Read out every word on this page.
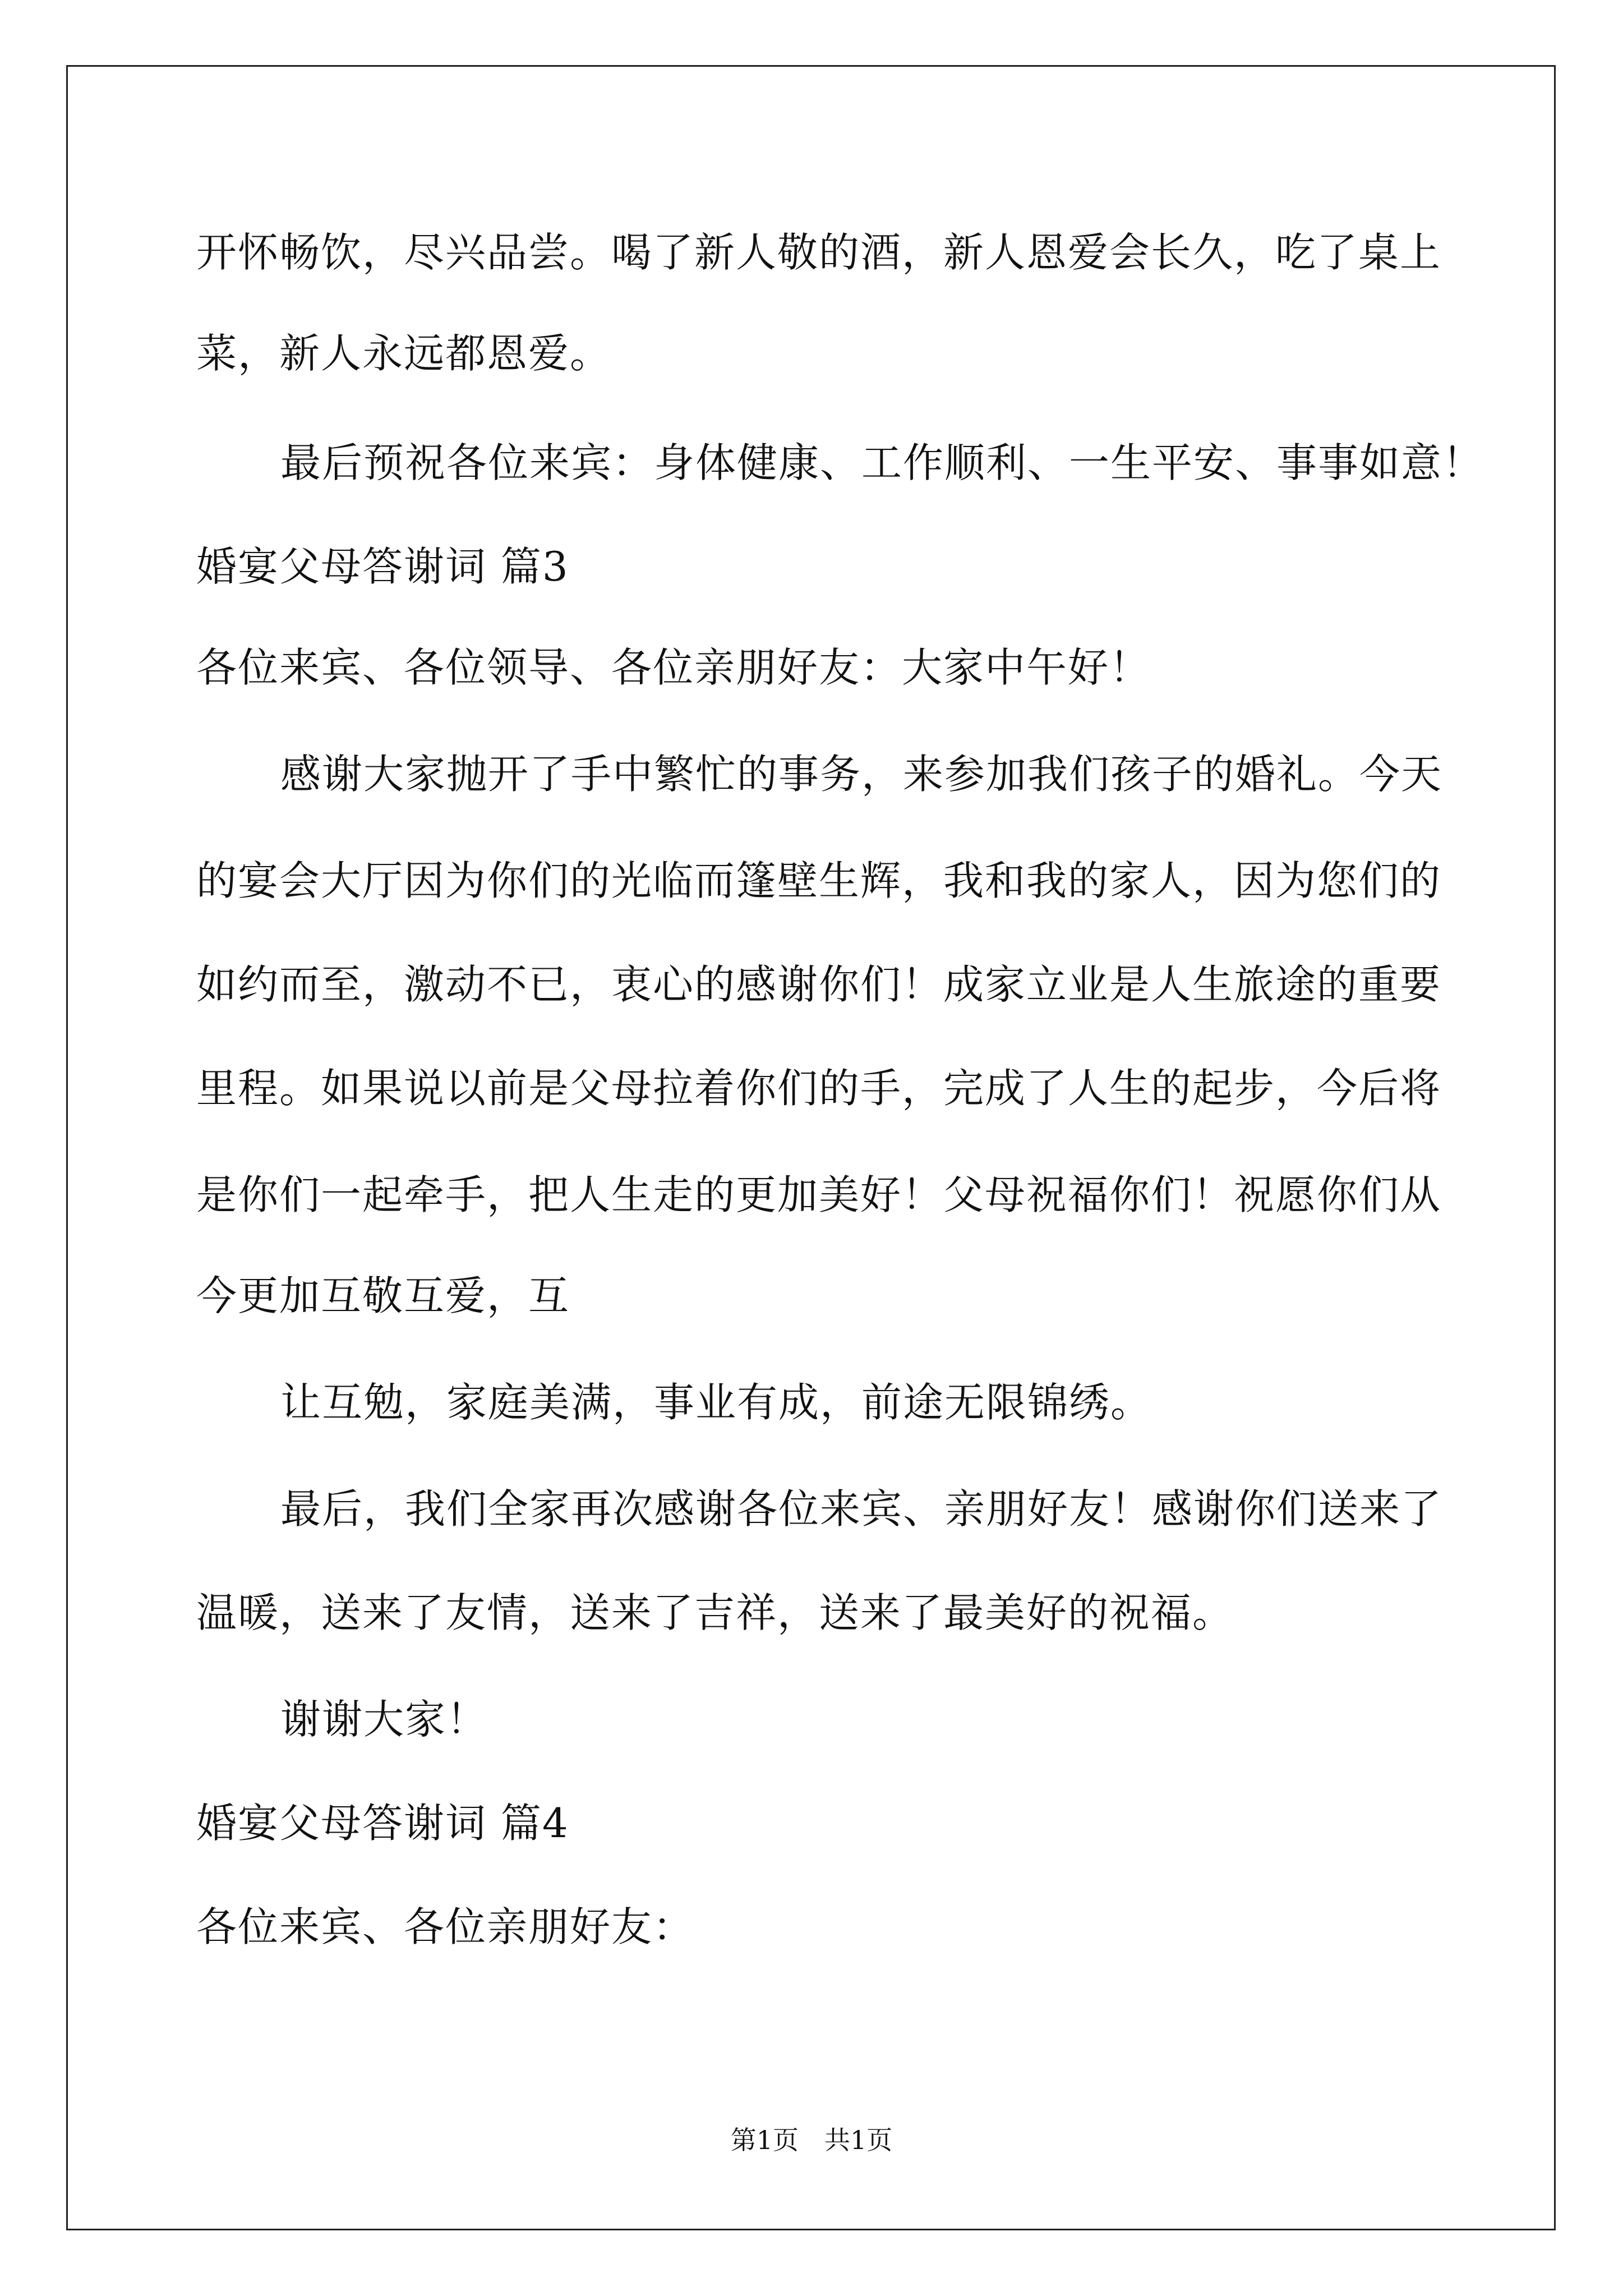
开怀畅饮，尽兴品尝。喝了新人敬的酒，新人恩爱会长久，吃了桌上
菜，新人永远都恩爱。
最后预祝各位来宾：身体健康、工作顺利、一生平安、事事如意！
婚宴父母答谢词 篇3
各位来宾、各位领导、各位亲朋好友：大家中午好！
感谢大家抛开了手中繁忙的事务，来参加我们孩子的婚礼。今天
的宴会大厅因为你们的光临而篷壁生辉，我和我的家人，因为您们的
如约而至，激动不已，衷心的感谢你们！成家立业是人生旅途的重要
里程。如果说以前是父母拉着你们的手，完成了人生的起步，今后将
是你们一起牵手，把人生走的更加美好！父母祝福你们！祝愿你们从
今更加互敬互爱，互
让互勉，家庭美满，事业有成，前途无限锦绣。
最后，我们全家再次感谢各位来宾、亲朋好友！感谢你们送来了
温暖，送来了友情，送来了吉祥，送来了最美好的祝福。
谢谢大家！
婚宴父母答谢词 篇4
各位来宾、各位亲朋好友：
第1页　共1页
